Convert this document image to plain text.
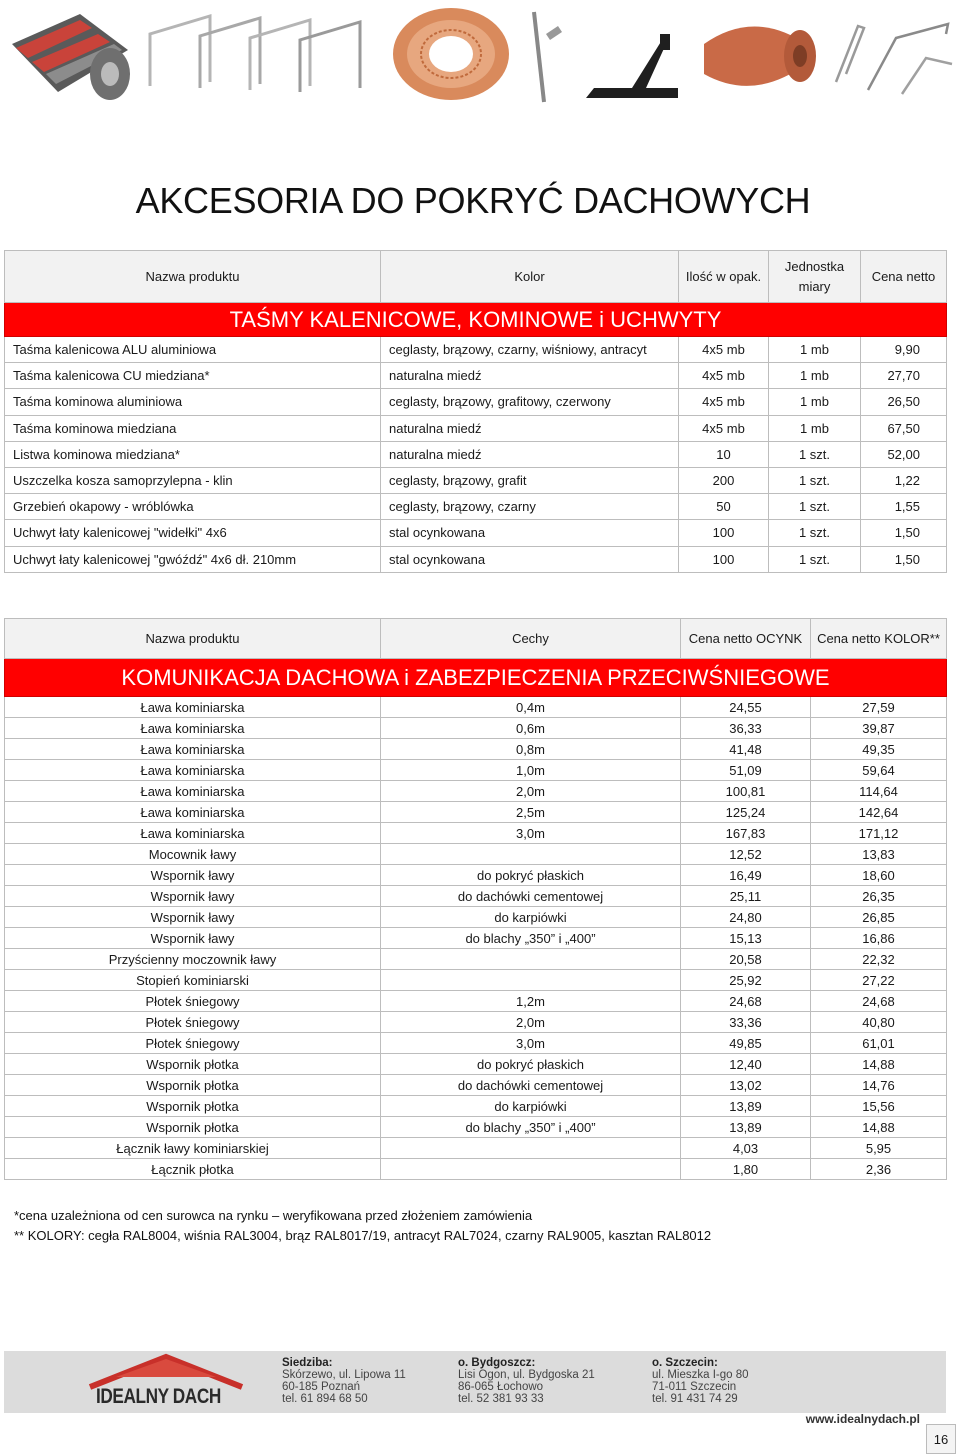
AKCESORIA DO POKRYĆ DACHOWYCH
Nazwa produktu	Kolor	Ilość w opak.	Jednostka miary	Cena netto
TAŚMY KALENICOWE, KOMINOWE i UCHWYTY				
Taśma kalenicowa ALU aluminiowa	ceglasty, brązowy, czarny, wiśniowy, antracyt	4x5 mb	1 mb	9,90
Taśma kalenicowa CU miedziana*	naturalna miedź	4x5 mb	1 mb	27,70
Taśma kominowa aluminiowa	ceglasty, brązowy, grafitowy, czerwony	4x5 mb	1 mb	26,50
Taśma kominowa miedziana	naturalna miedź	4x5 mb	1 mb	67,50
Listwa kominowa miedziana*	naturalna miedź	10	1 szt.	52,00
Uszczelka kosza samoprzylepna - klin	ceglasty, brązowy, grafit	200	1 szt.	1,22
Grzebień okapowy - wróblówka	ceglasty, brązowy, czarny	50	1 szt.	1,55
Uchwyt łaty kalenicowej "widełki" 4x6	stal ocynkowana	100	1 szt.	1,50
Uchwyt łaty kalenicowej "gwóźdź" 4x6 dł. 210mm	stal ocynkowana	100	1 szt.	1,50
Nazwa produktu	Cechy	Cena netto OCYNK	Cena netto KOLOR**
KOMUNIKACJA DACHOWA i ZABEZPIECZENIA PRZECIWŚNIEGOWE			
Ława kominiarska	0,4m	24,55	27,59
Ława kominiarska	0,6m	36,33	39,87
Ława kominiarska	0,8m	41,48	49,35
Ława kominiarska	1,0m	51,09	59,64
Ława kominiarska	2,0m	100,81	114,64
Ława kominiarska	2,5m	125,24	142,64
Ława kominiarska	3,0m	167,83	171,12
Mocownik ławy		12,52	13,83
Wspornik ławy	do pokryć płaskich	16,49	18,60
Wspornik ławy	do dachówki cementowej	25,11	26,35
Wspornik ławy	do karpiówki	24,80	26,85
Wspornik ławy	do blachy „350” i „400”	15,13	16,86
Przyścienny moczownik ławy		20,58	22,32
Stopień kominiarski		25,92	27,22
Płotek śniegowy	1,2m	24,68	24,68
Płotek śniegowy	2,0m	33,36	40,80
Płotek śniegowy	3,0m	49,85	61,01
Wspornik płotka	do pokryć płaskich	12,40	14,88
Wspornik płotka	do dachówki cementowej	13,02	14,76
Wspornik płotka	do karpiówki	13,89	15,56
Wspornik płotka	do blachy „350” i „400”	13,89	14,88
Łącznik ławy kominiarskiej		4,03	5,95
Łącznik płotka		1,80	2,36
*cena uzależniona od cen surowca na rynku – weryfikowana przed złożeniem zamówienia
** KOLORY: cegła RAL8004, wiśnia RAL3004, brąz RAL8017/19, antracyt RAL7024, czarny RAL9005, kasztan RAL8012
IDEALNY DACH
Siedziba:
Skórzewo, ul. Lipowa 11
60-185 Poznań
tel. 61 894 68 50
o. Bydgoszcz:
Lisi Ogon, ul. Bydgoska 21
86-065 Łochowo
tel. 52 381 93 33
o. Szczecin:
ul. Mieszka I-go 80
71-011 Szczecin
tel. 91 431 74 29
www.idealnydach.pl
16
